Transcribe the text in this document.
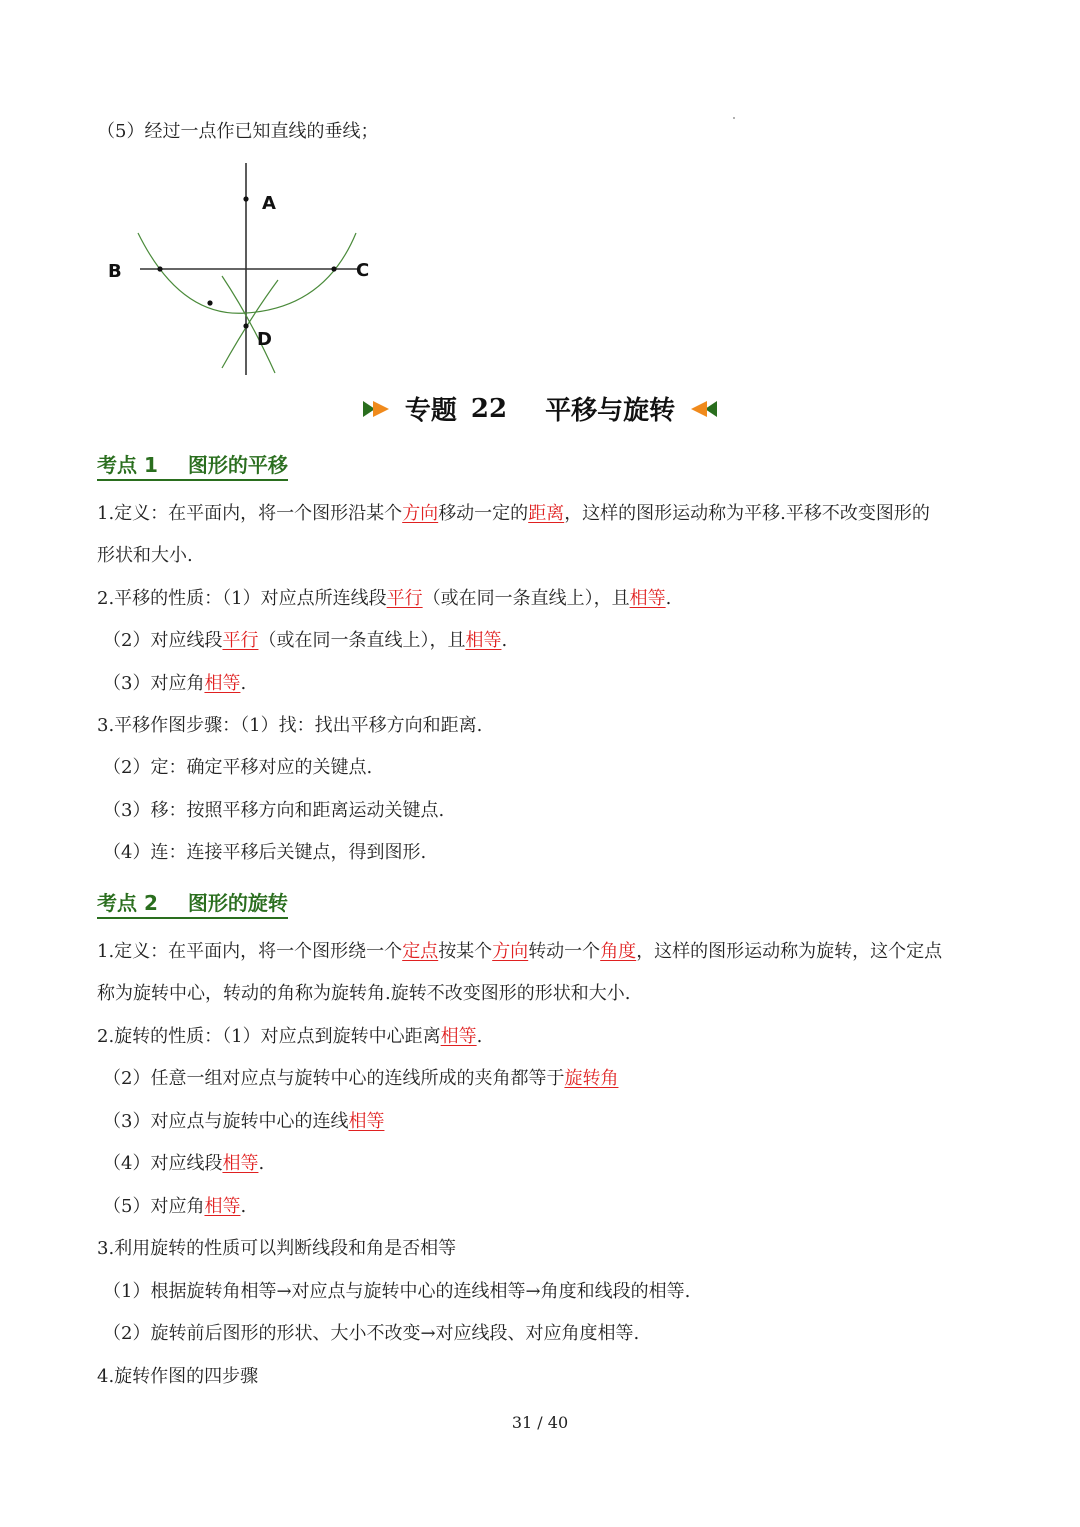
（5）经过一点作已知直线的垂线；
A
B	C
D
专题 22 平移与旋转
考点 1 图形的平移
1.定义：在平面内，将一个图形沿某个方向移动一定的距离，这样的图形运动称为平移.平移不改变图形的
形状和大小.
2.平移的性质：（1）对应点所连线段平行（或在同一条直线上），且相等.
（2）对应线段平行（或在同一条直线上），且相等.
（3）对应角相等.
3.平移作图步骤：（1）找：找出平移方向和距离.
（2）定：确定平移对应的关键点.
（3）移：按照平移方向和距离运动关键点.
（4）连：连接平移后关键点，得到图形.
考点 2 图形的旋转
1.定义：在平面内，将一个图形绕一个定点按某个方向转动一个角度，这样的图形运动称为旋转，这个定点
称为旋转中心，转动的角称为旋转角.旋转不改变图形的形状和大小.
2.旋转的性质：（1）对应点到旋转中心距离相等.
（2）任意一组对应点与旋转中心的连线所成的夹角都等于旋转角
（3）对应点与旋转中心的连线相等
（4）对应线段相等.
（5）对应角相等.
3.利用旋转的性质可以判断线段和角是否相等
（1）根据旋转角相等→对应点与旋转中心的连线相等→角度和线段的相等.
（2）旋转前后图形的形状、大小不改变→对应线段、对应角度相等.
4.旋转作图的四步骤
31 / 40
